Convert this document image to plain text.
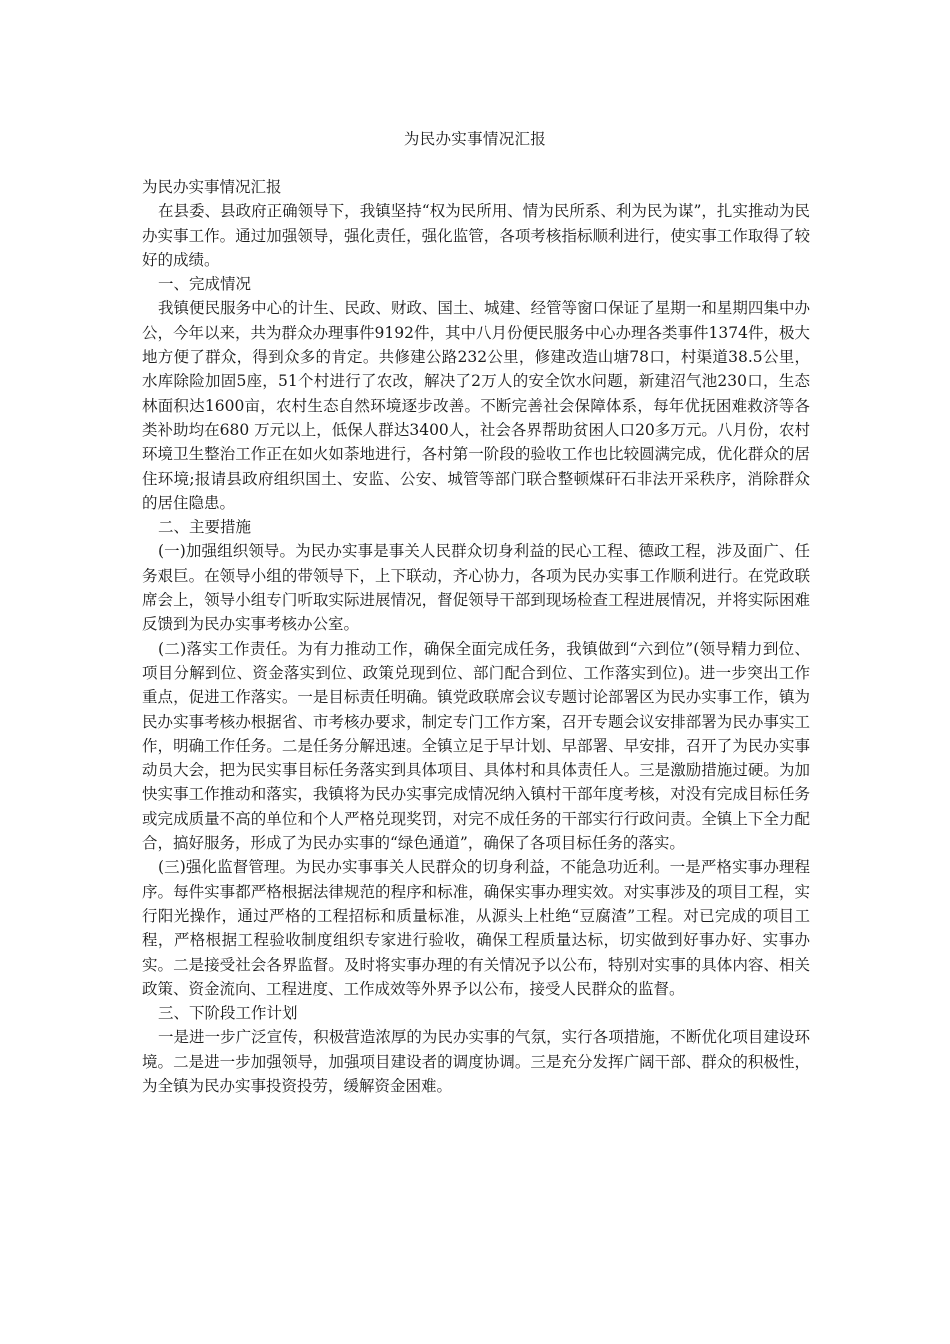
为民办实事情况汇报

为民办实事情况汇报

在县委、县政府正确领导下，我镇坚持“权为民所用、情为民所系、利为民为谋”，扎实推动为民办实事工作。通过加强领导，强化责任，强化监管，各项考核指标顺利进行，使实事工作取得了较好的成绩。

一、完成情况

我镇便民服务中心的计生、民政、财政、国土、城建、经管等窗口保证了星期一和星期四集中办公，今年以来，共为群众办理事件9192件，其中八月份便民服务中心办理各类事件1374件，极大地方便了群众，得到众多的肯定。共修建公路232公里，修建改造山塘78口，村渠道38.5公里，水库除险加固5座，51个村进行了农改，解决了2万人的安全饮水问题，新建沼气池230口，生态林面积达1600亩，农村生态自然环境逐步改善。不断完善社会保障体系，每年优抚困难救济等各类补助均在680 万元以上，低保人群达3400人，社会各界帮助贫困人口20多万元。八月份，农村环境卫生整治工作正在如火如荼地进行，各村第一阶段的验收工作也比较圆满完成，优化群众的居住环境;报请县政府组织国土、安监、公安、城管等部门联合整顿煤矸石非法开采秩序，消除群众的居住隐患。

二、主要措施

(一)加强组织领导。为民办实事是事关人民群众切身利益的民心工程、德政工程，涉及面广、任务艰巨。在领导小组的带领导下，上下联动，齐心协力，各项为民办实事工作顺利进行。在党政联席会上，领导小组专门听取实际进展情况，督促领导干部到现场检查工程进展情况，并将实际困难反馈到为民办实事考核办公室。

(二)落实工作责任。为有力推动工作，确保全面完成任务，我镇做到“六到位”(领导精力到位、项目分解到位、资金落实到位、政策兑现到位、部门配合到位、工作落实到位)。进一步突出工作重点，促进工作落实。一是目标责任明确。镇党政联席会议专题讨论部署区为民办实事工作，镇为民办实事考核办根据省、市考核办要求，制定专门工作方案，召开专题会议安排部署为民办事实工作，明确工作任务。二是任务分解迅速。全镇立足于早计划、早部署、早安排，召开了为民办实事动员大会，把为民实事目标任务落实到具体项目、具体村和具体责任人。三是激励措施过硬。为加快实事工作推动和落实，我镇将为民办实事完成情况纳入镇村干部年度考核，对没有完成目标任务或完成质量不高的单位和个人严格兑现奖罚，对完不成任务的干部实行行政问责。全镇上下全力配合，搞好服务，形成了为民办实事的“绿色通道”，确保了各项目标任务的落实。

(三)强化监督管理。为民办实事事关人民群众的切身利益，不能急功近利。一是严格实事办理程序。每件实事都严格根据法律规范的程序和标准，确保实事办理实效。对实事涉及的项目工程，实行阳光操作，通过严格的工程招标和质量标准，从源头上杜绝“豆腐渣”工程。对已完成的项目工程，严格根据工程验收制度组织专家进行验收，确保工程质量达标，切实做到好事办好、实事办实。二是接受社会各界监督。及时将实事办理的有关情况予以公布，特别对实事的具体内容、相关政策、资金流向、工程进度、工作成效等外界予以公布，接受人民群众的监督。

三、下阶段工作计划

一是进一步广泛宣传，积极营造浓厚的为民办实事的气氛，实行各项措施，不断优化项目建设环境。二是进一步加强领导，加强项目建设者的调度协调。三是充分发挥广阔干部、群众的积极性，为全镇为民办实事投资投劳，缓解资金困难。
